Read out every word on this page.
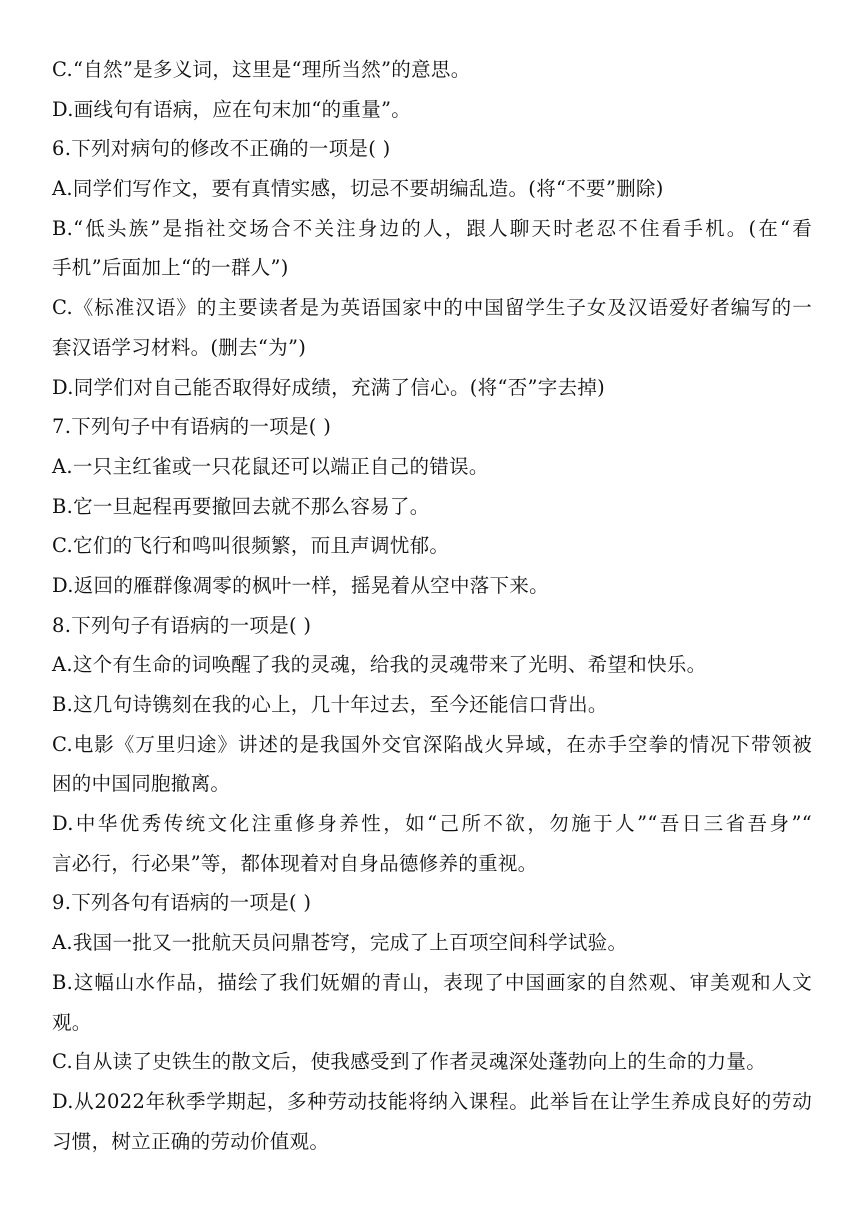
C.“自然”是多义词，这里是“理所当然”的意思。
D.画线句有语病，应在句末加“的重量”。
6.下列对病句的修改不正确的一项是( )
A.同学们写作文，要有真情实感，切忌不要胡编乱造。(将“不要”删除)
B.“低头族”是指社交场合不关注身边的人，跟人聊天时老忍不住看手机。(在“看
手机”后面加上“的一群人”)
C.《标准汉语》的主要读者是为英语国家中的中国留学生子女及汉语爱好者编写的一
套汉语学习材料。(删去“为”)
D.同学们对自己能否取得好成绩，充满了信心。(将“否”字去掉)
7.下列句子中有语病的一项是( )
A.一只主红雀或一只花鼠还可以端正自己的错误。
B.它一旦起程再要撤回去就不那么容易了。
C.它们的飞行和鸣叫很频繁，而且声调忧郁。
D.返回的雁群像凋零的枫叶一样，摇晃着从空中落下来。
8.下列句子有语病的一项是( )
A.这个有生命的词唤醒了我的灵魂，给我的灵魂带来了光明、希望和快乐。
B.这几句诗镌刻在我的心上，几十年过去，至今还能信口背出。
C.电影《万里归途》讲述的是我国外交官深陷战火异域，在赤手空拳的情况下带领被
困的中国同胞撤离。
D.中华优秀传统文化注重修身养性，如“己所不欲，勿施于人”“吾日三省吾身”“
言必行，行必果”等，都体现着对自身品德修养的重视。
9.下列各句有语病的一项是( )
A.我国一批又一批航天员问鼎苍穹，完成了上百项空间科学试验。
B.这幅山水作品，描绘了我们妩媚的青山，表现了中国画家的自然观、审美观和人文
观。
C.自从读了史铁生的散文后，使我感受到了作者灵魂深处蓬勃向上的生命的力量。
D.从2022年秋季学期起，多种劳动技能将纳入课程。此举旨在让学生养成良好的劳动
习惯，树立正确的劳动价值观。
